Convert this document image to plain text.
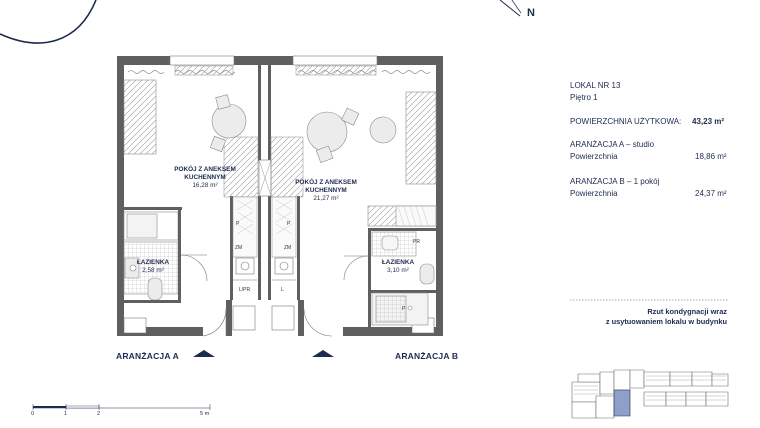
N
POKÓJ Z ANEKSEM
KUCHENNYM
16,28 m²
ŁAZIENKA
2,58 m²
POKÓJ Z ANEKSEM
KUCHENNYM
21,27 m²
ŁAZIENKA
3,10 m²
P
ZM
L/PR
P
ZM
L
PR
P
ARANŻACJA A	ARANŻACJA B
LOKAL NR 13
Piętro 1
POWIERZCHNIA UŻYTKOWA: 43,23 m²
ARANŻACJA A – studio
Powierzchnia	18,86 m²
ARANŻACJA B – 1 pokój
Powierzchnia	24,37 m²
Rzut kondygnacji wraz
z usytuowaniem lokalu w budynku
0	1	2	5 m
